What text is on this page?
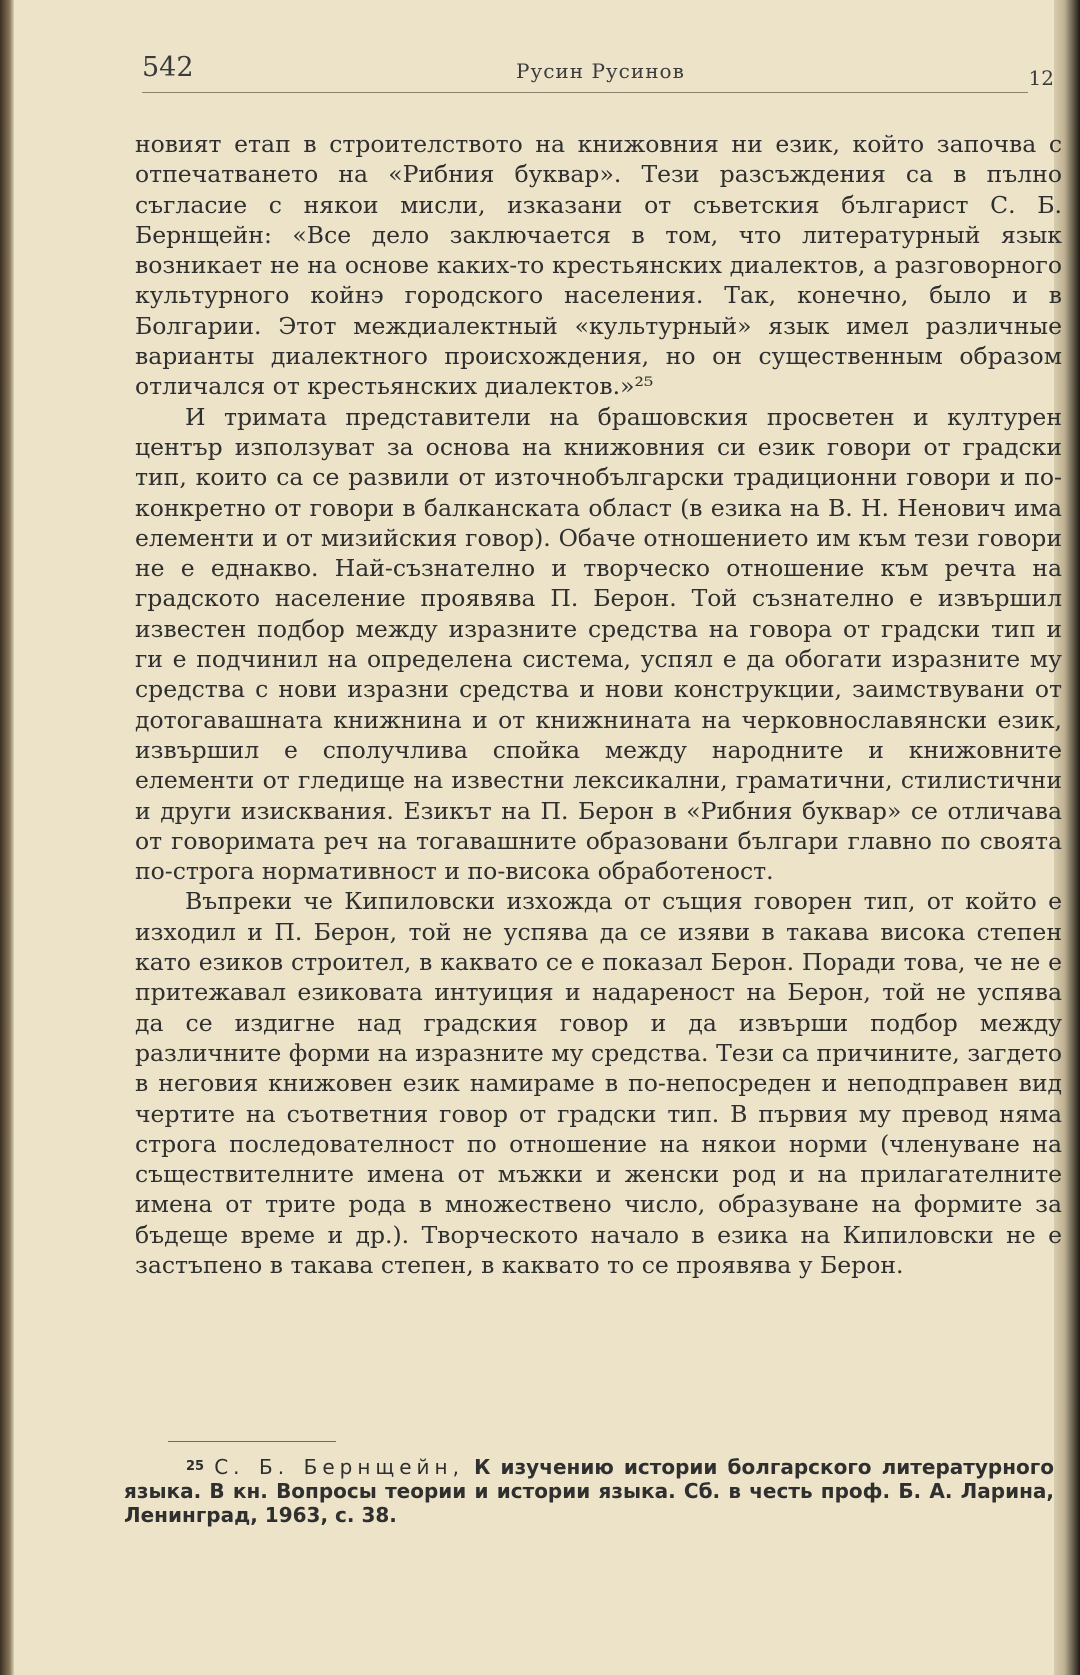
542	Русин Русинов	12

новият етап в строителството на книжовния ни език, който започва с отпечатването на «Рибния буквар». Тези разсъждения са в пълно съгласие с някои мисли, изказани от съветския българист С. Б. Бернщейн: «Все дело заключается в том, что литературный язык возникает не на основе каких-то крестьянских диалектов, а разговорного культурного койнэ городского населения. Так, конечно, было и в Болгарии. Этот междиалектный «культурный» язык имел различные варианты диалектного происхождения, но он существенным образом отличался от крестьянских диалектов.»²⁵

И тримата представители на брашовския просветен и културен център използуват за основа на книжовния си език говори от градски тип, които са се развили от източнобългарски традиционни говори и по-конкретно от говори в балканската област (в езика на В. Н. Ненович има елементи и от мизийския говор). Обаче отношението им към тези говори не е еднакво. Най-съзнателно и творческо отношение към речта на градското население проявява П. Берон. Той съзнателно е извършил известен подбор между изразните средства на говора от градски тип и ги е подчинил на определена система, успял е да обогати изразните му средства с нови изразни средства и нови конструкции, заимствувани от дотогавашната книжнина и от книжнината на черковнославянски език, извършил е сполучлива спойка между народните и книжовните елементи от гледище на известни лексикални, граматични, стилистични и други изисквания. Езикът на П. Берон в «Рибния буквар» се отличава от говоримата реч на тогавашните образовани българи главно по своята по-строга нормативност и по-висока обработеност.

Въпреки че Кипиловски изхожда от същия говорен тип, от който е изходил и П. Берон, той не успява да се изяви в такава висока степен като езиков строител, в каквато се е показал Берон. Поради това, че не е притежавал езиковата интуиция и надареност на Берон, той не успява да се издигне над градския говор и да извърши подбор между различните форми на изразните му средства. Тези са причините, загдето в неговия книжовен език намираме в по-непосреден и неподправен вид чертите на съответния говор от градски тип. В първия му превод няма строга последователност по отношение на някои норми (членуване на съществителните имена от мъжки и женски род и на прилагателните имена от трите рода в множествено число, образуване на формите за бъдеще време и др.). Творческото начало в езика на Кипиловски не е застъпено в такава степен, в каквато то се проявява у Берон.

$^{25}$ С. Б. Бернщейн, К изучению истории болгарского литературного языка. В кн. Вопросы теории и истории языка. Сб. в честь проф. Б. А. Ларина, Ленинград, 1963, с. 38.
